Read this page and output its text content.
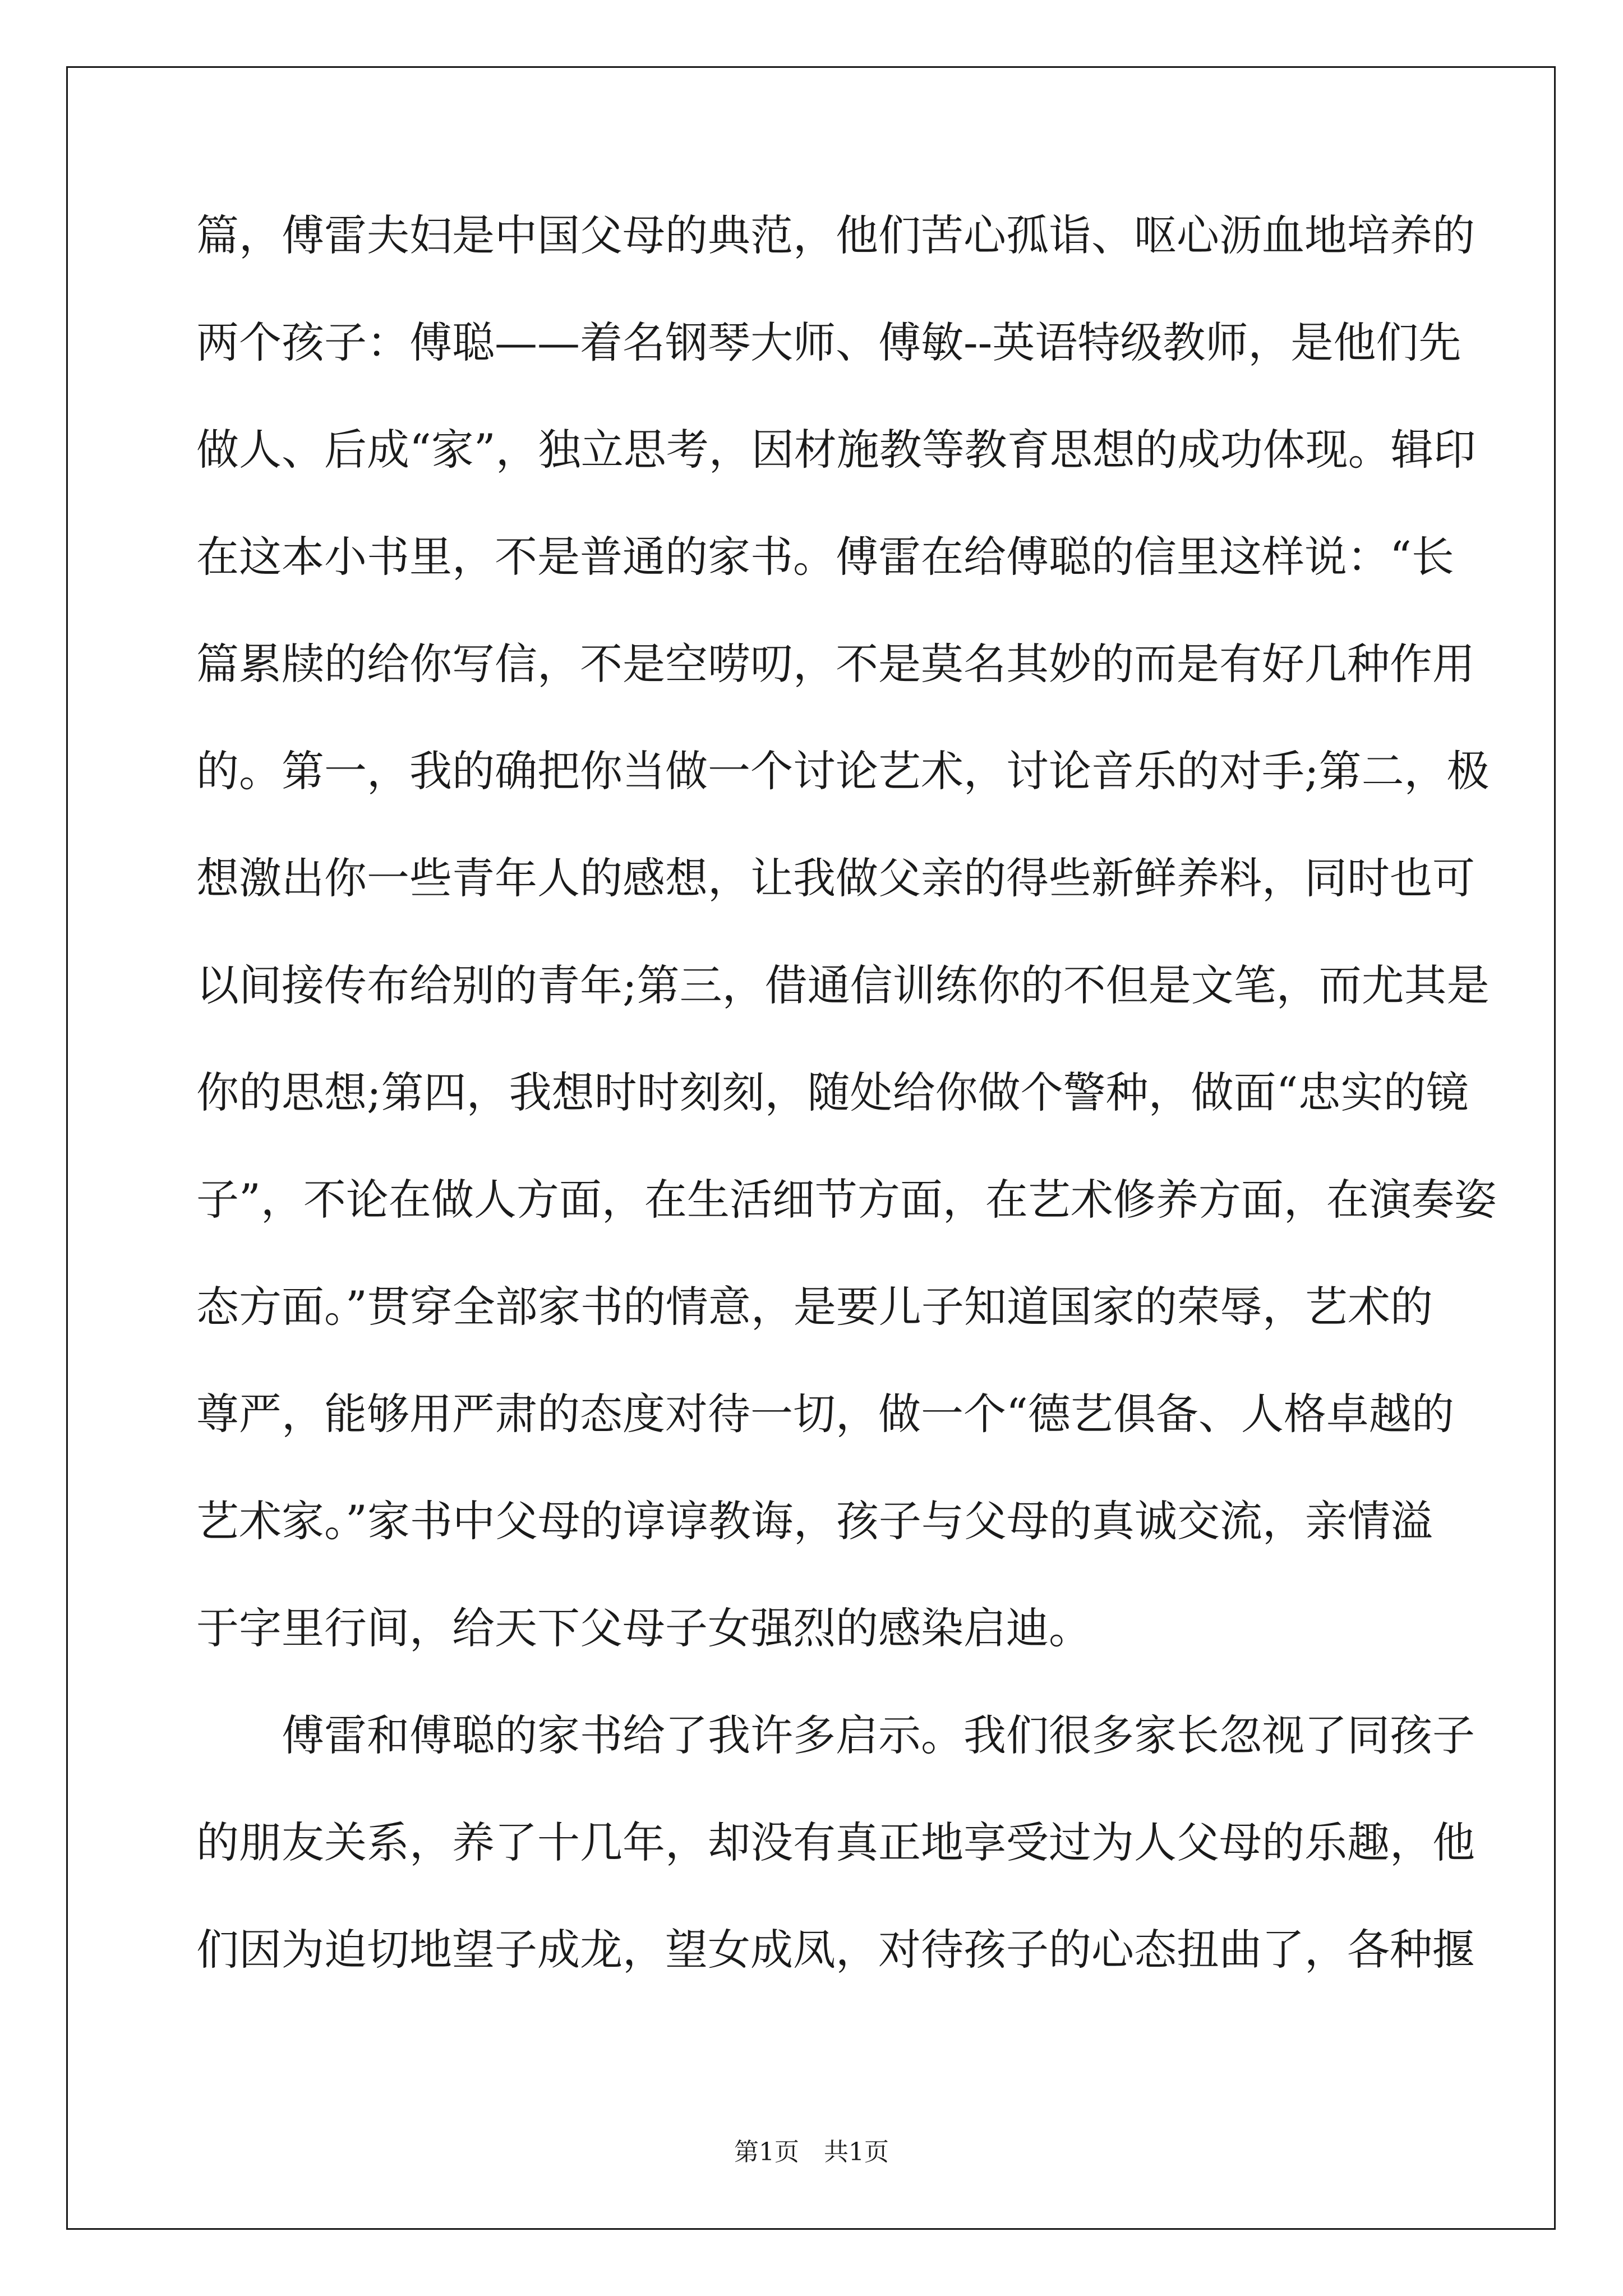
篇，傅雷夫妇是中国父母的典范，他们苦心孤诣、呕心沥血地培养的
两个孩子：傅聪——着名钢琴大师、傅敏--英语特级教师，是他们先
做人、后成“家”，独立思考，因材施教等教育思想的成功体现。辑印
在这本小书里，不是普通的家书。傅雷在给傅聪的信里这样说：“长
篇累牍的给你写信，不是空唠叨，不是莫名其妙的而是有好几种作用
的。第一，我的确把你当做一个讨论艺术，讨论音乐的对手;第二，极
想激出你一些青年人的感想，让我做父亲的得些新鲜养料，同时也可
以间接传布给别的青年;第三，借通信训练你的不但是文笔，而尤其是
你的思想;第四，我想时时刻刻，随处给你做个警种，做面“忠实的镜
子”，不论在做人方面，在生活细节方面，在艺术修养方面，在演奏姿
态方面。”贯穿全部家书的情意，是要儿子知道国家的荣辱，艺术的
尊严，能够用严肃的态度对待一切，做一个“德艺俱备、人格卓越的
艺术家。”家书中父母的谆谆教诲，孩子与父母的真诚交流，亲情溢
于字里行间，给天下父母子女强烈的感染启迪。
傅雷和傅聪的家书给了我许多启示。我们很多家长忽视了同孩子
的朋友关系，养了十几年，却没有真正地享受过为人父母的乐趣，他
们因为迫切地望子成龙，望女成凤，对待孩子的心态扭曲了，各种揠
第1页　共1页
